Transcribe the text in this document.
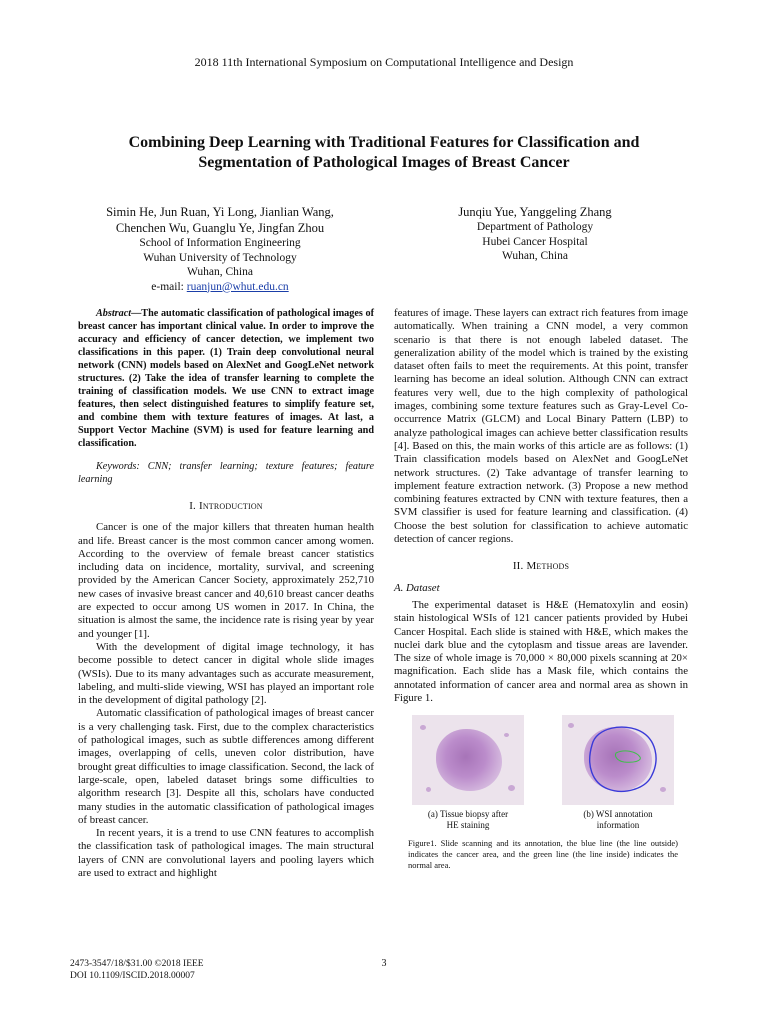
2018 11th International Symposium on Computational Intelligence and Design
Combining Deep Learning with Traditional Features for Classification and
Segmentation of Pathological Images of Breast Cancer
Simin He, Jun Ruan, Yi Long, Jianlian Wang,
Chenchen Wu, Guanglu Ye, Jingfan Zhou
School of Information Engineering
Wuhan University of Technology
Wuhan, China
e-mail: ruanjun@whut.edu.cn
Junqiu Yue, Yanggeling Zhang
Department of Pathology
Hubei Cancer Hospital
Wuhan, China

Abstract—The automatic classification of pathological images of breast cancer has important clinical value. In order to improve the accuracy and efficiency of cancer detection, we implement two classifications in this paper. (1) Train deep convolutional neural network (CNN) models based on AlexNet and GoogLeNet network structures. (2) Take the idea of transfer learning to complete the training of classification models. We use CNN to extract image features, then select distinguished features to simplify feature set, and combine them with texture features of images. At last, a Support Vector Machine (SVM) is used for feature learning and classification.

Keywords: CNN; transfer learning; texture features; feature learning

I. Introduction

Cancer is one of the major killers that threaten human health and life. Breast cancer is the most common cancer among women. According to the overview of female breast cancer statistics including data on incidence, mortality, survival, and screening provided by the American Cancer Society, approximately 252,710 new cases of invasive breast cancer and 40,610 breast cancer deaths are expected to occur among US women in 2017. In China, the situation is almost the same, the incidence rate is rising year by year and younger [1].

With the development of digital image technology, it has become possible to detect cancer in digital whole slide images (WSIs). Due to its many advantages such as accurate measurement, labeling, and multi-slide viewing, WSI has played an important role in the development of digital pathology [2].

Automatic classification of pathological images of breast cancer is a very challenging task. First, due to the complex characteristics of pathological images, such as subtle differences among different images, overlapping of cells, uneven color distribution, have brought great difficulties to image classification. Second, the lack of large-scale, open, labeled dataset brings some difficulties to algorithm research [3]. Despite all this, scholars have conducted many studies in the automatic classification of pathological images of breast cancer.

In recent years, it is a trend to use CNN features to accomplish the classification task of pathological images. The main structural layers of CNN are convolutional layers and pooling layers which are used to extract and highlight

features of image. These layers can extract rich features from image automatically. When training a CNN model, a very common scenario is that there is not enough labeled dataset. The generalization ability of the model which is trained by the existing dataset often fails to meet the requirements. At this point, transfer learning has become an ideal solution. Although CNN can extract features very well, due to the high complexity of pathological images, combining some texture features such as Gray-Level Co-occurrence Matrix (GLCM) and Local Binary Pattern (LBP) to analyze pathological images can achieve better classification results [4]. Based on this, the main works of this article are as follows: (1) Train classification models based on AlexNet and GoogLeNet network structures. (2) Take advantage of transfer learning to implement feature extraction network. (3) Propose a new method combining features extracted by CNN with texture features, then a SVM classifier is used for feature learning and classification. (4) Choose the best solution for classification to achieve automatic detection of cancer regions.

II. Methods

A. Dataset

The experimental dataset is H&E (Hematoxylin and eosin) stain histological WSIs of 121 cancer patients provided by Hubei Cancer Hospital. Each slide is stained with H&E, which makes the nuclei dark blue and the cytoplasm and tissue areas are lavender. The size of whole image is 70,000 × 80,000 pixels scanning at 20× magnification. Each slide has a Mask file, which contains the annotated information of cancer area and normal area as shown in Figure 1.

(a) Tissue biopsy after
HE staining
(b) WSI annotation information

Figure1. Slide scanning and its annotation, the blue line (the line outside) indicates the cancer area, and the green line (the line inside) indicates the normal area.

2473-3547/18/$31.00 ©2018 IEEE
DOI 10.1109/ISCID.2018.00007
3
